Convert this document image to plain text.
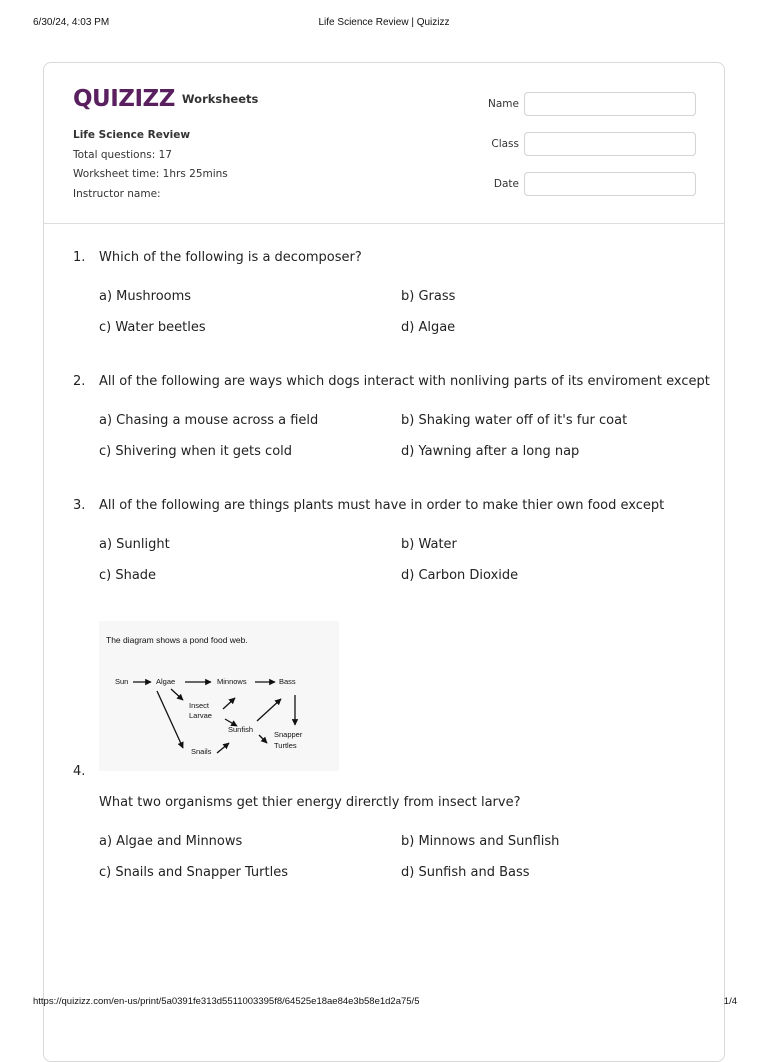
6/30/24, 4:03 PM	Life Science Review | Quizizz
QUIZIZZ Worksheets
Life Science Review
Total questions: 17
Worksheet time: 1hrs 25mins
Instructor name:
Name
Class
Date
1. Which of the following is a decomposer?
a) Mushrooms	b) Grass
c) Water beetles	d) Algae
2. All of the following are ways which dogs interact with nonliving parts of its enviroment except
a) Chasing a mouse across a field	b) Shaking water off of it's fur coat
c) Shivering when it gets cold	d) Yawning after a long nap
3. All of the following are things plants must have in order to make thier own food except
a) Sunlight	b) Water
c) Shade	d) Carbon Dioxide
The diagram shows a pond food web.
Sun	Algae	Minnows	Bass
Insect
Larvae
Sunfish
Snapper
Turtles
Snails
4.
What two organisms get thier energy direrctly from insect larve?
a) Algae and Minnows	b) Minnows and Sunflish
c) Snails and Snapper Turtles	d) Sunfish and Bass
https://quizizz.com/en-us/print/5a0391fe313d5511003395f8/64525e18ae84e3b58e1d2a75/5	1/4
